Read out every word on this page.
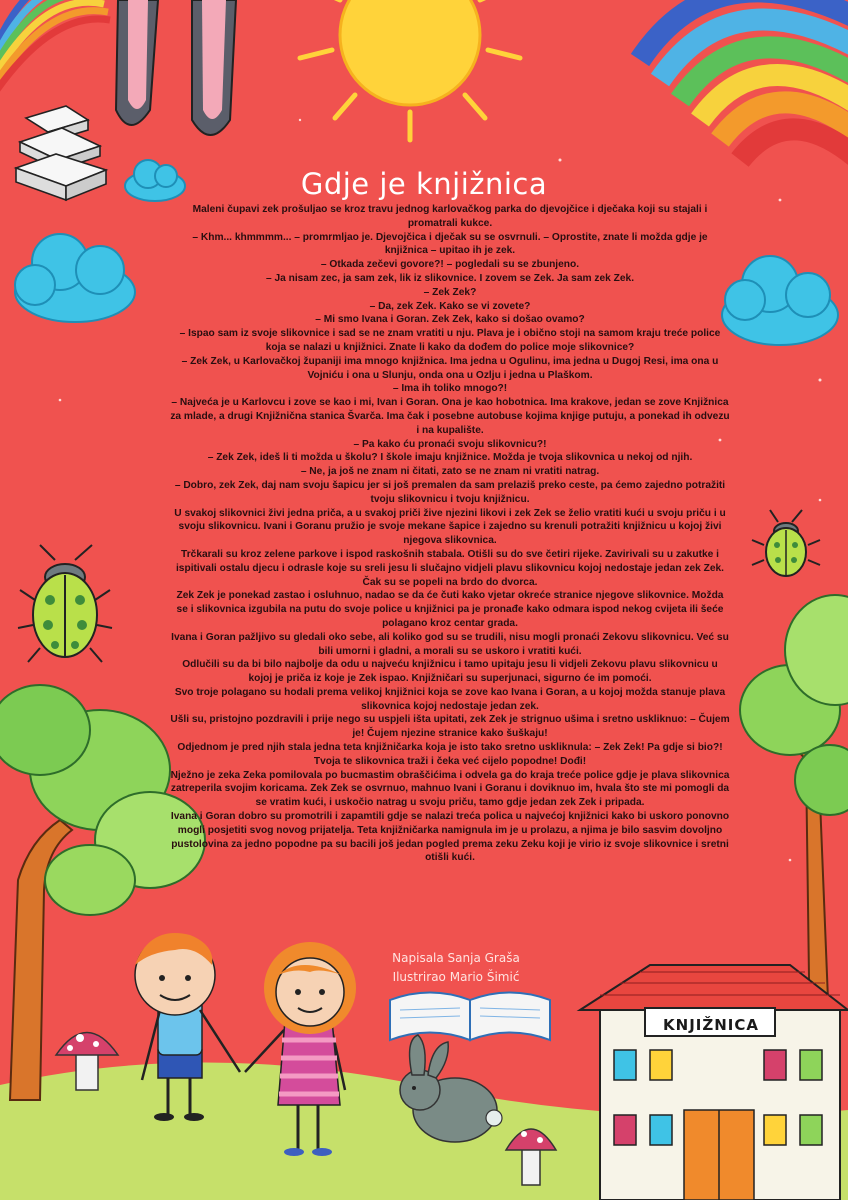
Gdje je knjižnica

Maleni čupavi zek prošuljao se kroz travu jednog karlovačkog parka do djevojčice i dječaka koji su stajali i promatrali kukce.

– Khm... khmmmm... – promrmljao je. Djevojčica i dječak su se osvrnuli. – Oprostite, znate li možda gdje je knjižnica – upitao ih je zek.

– Otkada zečevi govore?! – pogledali su se zbunjeno.

– Ja nisam zec, ja sam zek, lik iz slikovnice. I zovem se Zek. Ja sam zek Zek.

– Zek Zek?

– Da, zek Zek. Kako se vi zovete?

– Mi smo Ivana i Goran. Zek Zek, kako si došao ovamo?

– Ispao sam iz svoje slikovnice i sad se ne znam vratiti u nju. Plava je i obično stoji na samom kraju treće police koja se nalazi u knjižnici. Znate li kako da dođem do police moje slikovnice?

– Zek Zek, u Karlovačkoj županiji ima mnogo knjižnica. Ima jedna u Ogulinu, ima jedna u Dugoj Resi, ima ona u Vojniću i ona u Slunju, onda ona u Ozlju i jedna u Plaškom.

– Ima ih toliko mnogo?!

– Najveća je u Karlovcu i zove se kao i mi, Ivan i Goran. Ona je kao hobotnica. Ima krakove, jedan se zove Knjižnica za mlade, a drugi Knjižnična stanica Švarča. Ima čak i posebne autobuse kojima knjige putuju, a ponekad ih odvezu i na kupalište.

– Pa kako ću pronaći svoju slikovnicu?!

– Zek Zek, ideš li ti možda u školu? I škole imaju knjižnice. Možda je tvoja slikovnica u nekoj od njih.

– Ne, ja još ne znam ni čitati, zato se ne znam ni vratiti natrag.

– Dobro, zek Zek, daj nam svoju šapicu jer si još premalen da sam prelaziš preko ceste, pa ćemo zajedno potražiti tvoju slikovnicu i tvoju knjižnicu.

U svakoj slikovnici živi jedna priča, a u svakoj priči žive njezini likovi i zek Zek se želio vratiti kući u svoju priču i u svoju slikovnicu. Ivani i Goranu pružio je svoje mekane šapice i zajedno su krenuli potražiti knjižnicu u kojoj živi njegova slikovnica.

Trčkarali su kroz zelene parkove i ispod raskošnih stabala. Otišli su do sve četiri rijeke. Zavirivali su u zakutke i ispitivali ostalu djecu i odrasle koje su sreli jesu li slučajno vidjeli plavu slikovnicu kojoj nedostaje jedan zek Zek. Čak su se popeli na brdo do dvorca.

Zek Zek je ponekad zastao i osluhnuo, nadao se da će čuti kako vjetar okreće stranice njegove slikovnice. Možda se i slikovnica izgubila na putu do svoje police u knjižnici pa je pronađe kako odmara ispod nekog cvijeta ili šeće polagano kroz centar grada.

Ivana i Goran pažljivo su gledali oko sebe, ali koliko god su se trudili, nisu mogli pronaći Zekovu slikovnicu. Već su bili umorni i gladni, a morali su se uskoro i vratiti kući.

Odlučili su da bi bilo najbolje da odu u najveću knjižnicu i tamo upitaju jesu li vidjeli Zekovu plavu slikovnicu u kojoj je priča iz koje je Zek ispao. Knjižničari su superjunaci, sigurno će im pomoći.

Svo troje polagano su hodali prema velikoj knjižnici koja se zove kao Ivana i Goran, a u kojoj možda stanuje plava slikovnica kojoj nedostaje jedan zek.

Ušli su, pristojno pozdravili i prije nego su uspjeli išta upitati, zek Zek je strignuo ušima i sretno uskliknuo: – Čujem je! Čujem njezine stranice kako šuškaju!

Odjednom je pred njih stala jedna teta knjižničarka koja je isto tako sretno uskliknula: – Zek Zek! Pa gdje si bio?! Tvoja te slikovnica traži i čeka već cijelo popodne! Dođi!

Nježno je zeka Zeka pomilovala po bucmastim obraščićima i odvela ga do kraja treće police gdje je plava slikovnica zatreperila svojim koricama. Zek Zek se osvrnuo, mahnuo Ivani i Goranu i doviknuo im, hvala što ste mi pomogli da se vratim kući, i uskočio natrag u svoju priču, tamo gdje jedan zek Zek i pripada.

Ivana i Goran dobro su promotrili i zapamtili gdje se nalazi treća polica u najvećoj knjižnici kako bi uskoro ponovno mogli posjetiti svog novog prijatelja. Teta knjižničarka namignula im je u prolazu, a njima je bilo sasvim dovoljno pustolovina za jedno popodne pa su bacili još jedan pogled prema zeku Zeku koji je virio iz svoje slikovnice i sretni otišli kući.

Napisala Sanja Graša
Ilustrirao Mario Šimić
KNJIŽNICA
